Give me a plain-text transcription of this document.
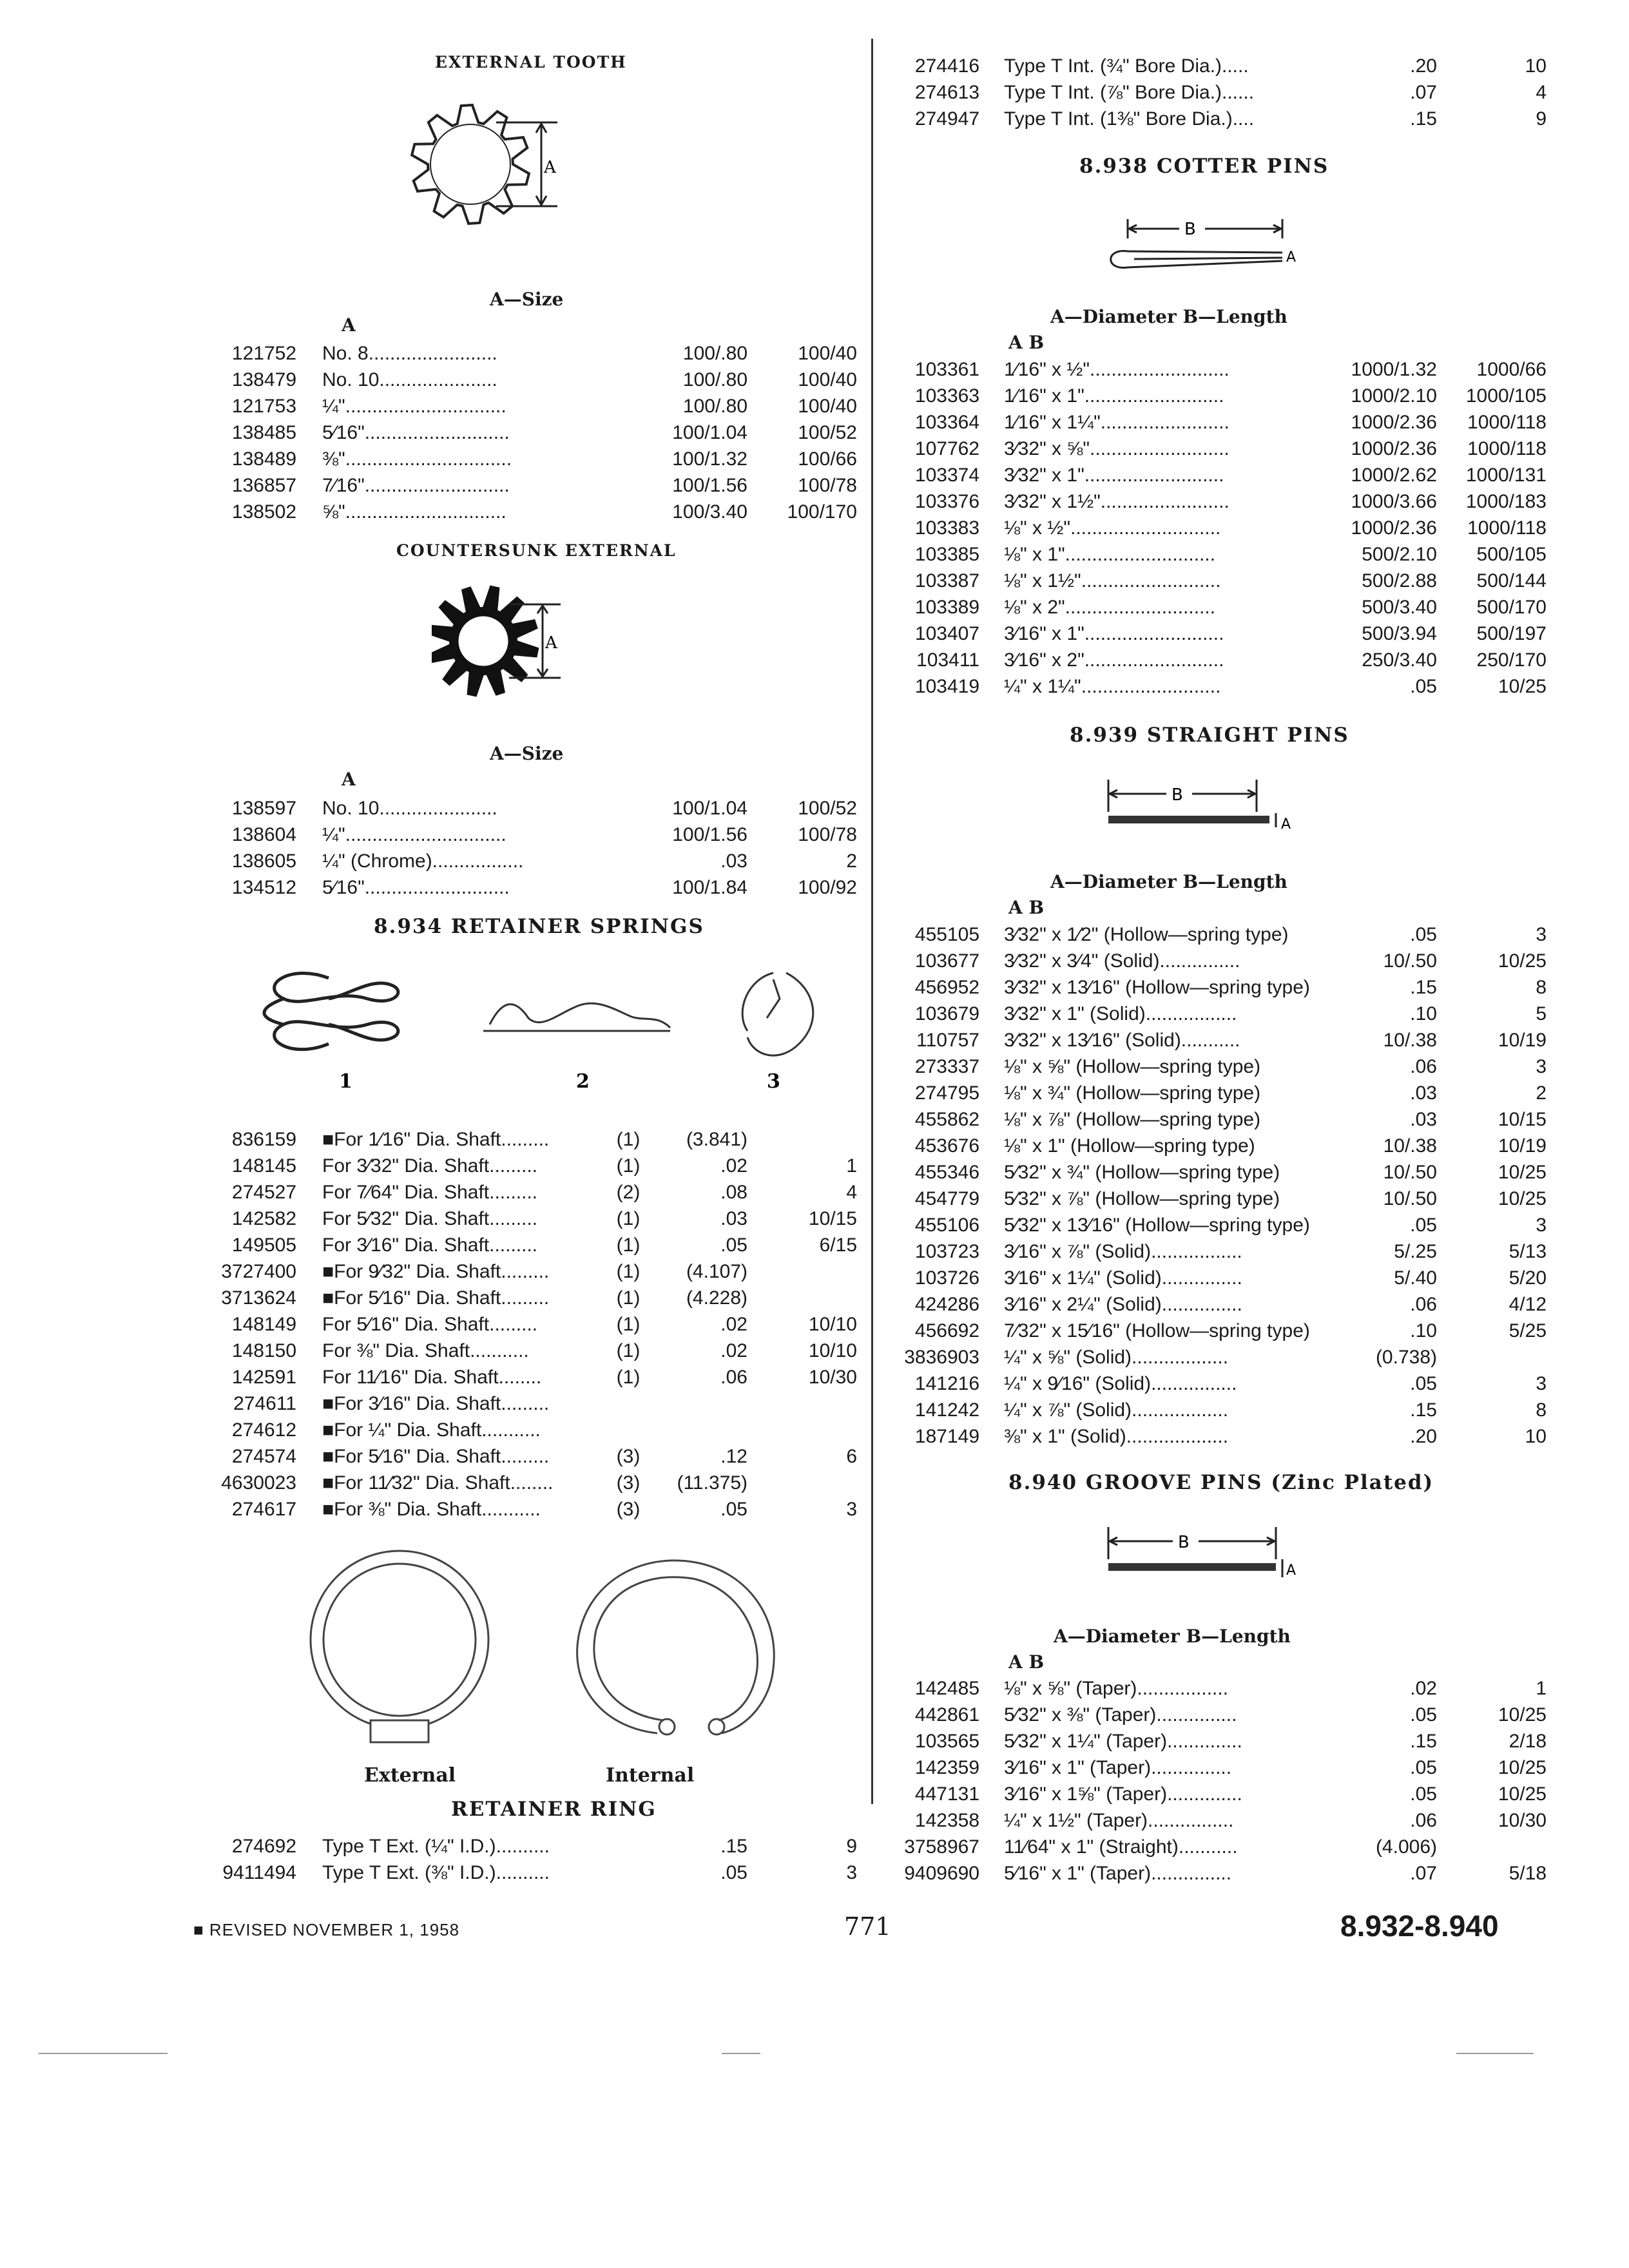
EXTERNAL TOOTH
A
A—Size
A
121752 No. 8........................	100/.80	100/40
138479 No. 10......................	100/.80	100/40
121753 ¼"..............................	100/.80	100/40
138485 5⁄16"...........................	100/1.04	100/52
138489 ⅜"...............................	100/1.32	100/66
136857 7⁄16"...........................	100/1.56	100/78
138502 ⅝"..............................	100/3.40	100/170
COUNTERSUNK EXTERNAL
A
A—Size
A
138597 No. 10......................	100/1.04	100/52
138604 ¼"..............................	100/1.56	100/78
138605 ¼" (Chrome).................	.03	2
134512 5⁄16"...........................	100/1.84	100/92
8.934 RETAINER SPRINGS
1	2	3
836159 ■For 1⁄16" Dia. Shaft.........	(1)	(3.841)
148145 For 3⁄32" Dia. Shaft.........	(1)	.02	1
274527 For 7⁄64" Dia. Shaft.........	(2)	.08	4
142582 For 5⁄32" Dia. Shaft.........	(1)	.03	10/15
149505 For 3⁄16" Dia. Shaft.........	(1)	.05	6/15
3727400 ■For 9⁄32" Dia. Shaft.........	(1)	(4.107)
3713624 ■For 5⁄16" Dia. Shaft.........	(1)	(4.228)
148149 For 5⁄16" Dia. Shaft.........	(1)	.02	10/10
148150 For ⅜" Dia. Shaft...........	(1)	.02	10/10
142591 For 11⁄16" Dia. Shaft........	(1)	.06	10/30
274611 ■For 3⁄16" Dia. Shaft.........
274612 ■For ¼" Dia. Shaft...........
274574 ■For 5⁄16" Dia. Shaft.........	(3)	.12	6
4630023 ■For 11⁄32" Dia. Shaft........	(3)	(11.375)
274617 ■For ⅜" Dia. Shaft...........	(3)	.05	3
External	Internal
RETAINER RING
274692 Type T Ext. (¼" I.D.)..........	.15	9
9411494 Type T Ext. (⅜" I.D.)..........	.05	3
274416 Type T Int. (¾" Bore Dia.).....	.20	10
274613 Type T Int. (⅞" Bore Dia.)......	.07	4
274947 Type T Int. (1⅜" Bore Dia.)....	.15	9
8.938 COTTER PINS
B
A
A—Diameter B—Length
A B
103361 1⁄16" x ½"..........................	1000/1.32	1000/66
103363 1⁄16" x 1"..........................	1000/2.10	1000/105
103364 1⁄16" x 1¼"........................	1000/2.36	1000/118
107762 3⁄32" x ⅝"..........................	1000/2.36	1000/118
103374 3⁄32" x 1"..........................	1000/2.62	1000/131
103376 3⁄32" x 1½"........................	1000/3.66	1000/183
103383 ⅛" x ½"............................	1000/2.36	1000/118
103385 ⅛" x 1"............................	500/2.10	500/105
103387 ⅛" x 1½"..........................	500/2.88	500/144
103389 ⅛" x 2"............................	500/3.40	500/170
103407 3⁄16" x 1"..........................	500/3.94	500/197
103411 3⁄16" x 2"..........................	250/3.40	250/170
103419 ¼" x 1¼"..........................	.05	10/25
8.939 STRAIGHT PINS
B
A
A—Diameter B—Length
A B
455105 3⁄32" x 1⁄2" (Hollow—spring type)	.05	3
103677 3⁄32" x 3⁄4" (Solid)...............	10/.50	10/25
456952 3⁄32" x 13⁄16" (Hollow—spring type)	.15	8
103679 3⁄32" x 1" (Solid).................	.10	5
110757 3⁄32" x 13⁄16" (Solid)...........	10/.38	10/19
273337 ⅛" x ⅝" (Hollow—spring type)	.06	3
274795 ⅛" x ¾" (Hollow—spring type)	.03	2
455862 ⅛" x ⅞" (Hollow—spring type)	.03	10/15
453676 ⅛" x 1" (Hollow—spring type)	10/.38	10/19
455346 5⁄32" x ¾" (Hollow—spring type)	10/.50	10/25
454779 5⁄32" x ⅞" (Hollow—spring type)	10/.50	10/25
455106 5⁄32" x 13⁄16" (Hollow—spring type)	.05	3
103723 3⁄16" x ⅞" (Solid).................	5/.25	5/13
103726 3⁄16" x 1¼" (Solid)...............	5/.40	5/20
424286 3⁄16" x 2¼" (Solid)...............	.06	4/12
456692 7⁄32" x 15⁄16" (Hollow—spring type)	.10	5/25
3836903 ¼" x ⅝" (Solid)..................	(0.738)
141216 ¼" x 9⁄16" (Solid)................	.05	3
141242 ¼" x ⅞" (Solid)..................	.15	8
187149 ⅜" x 1" (Solid)...................	.20	10
8.940 GROOVE PINS (Zinc Plated)
B
A
A—Diameter B—Length
A B
142485 ⅛" x ⅝" (Taper).................	.02	1
442861 5⁄32" x ⅜" (Taper)...............	.05	10/25
103565 5⁄32" x 1¼" (Taper)..............	.15	2/18
142359 3⁄16" x 1" (Taper)...............	.05	10/25
447131 3⁄16" x 1⅝" (Taper)..............	.05	10/25
142358 ¼" x 1½" (Taper)................	.06	10/30
3758967 11⁄64" x 1" (Straight)...........	(4.006)
9409690 5⁄16" x 1" (Taper)...............	.07	5/18
■ REVISED NOVEMBER 1, 1958	771	8.932-8.940
